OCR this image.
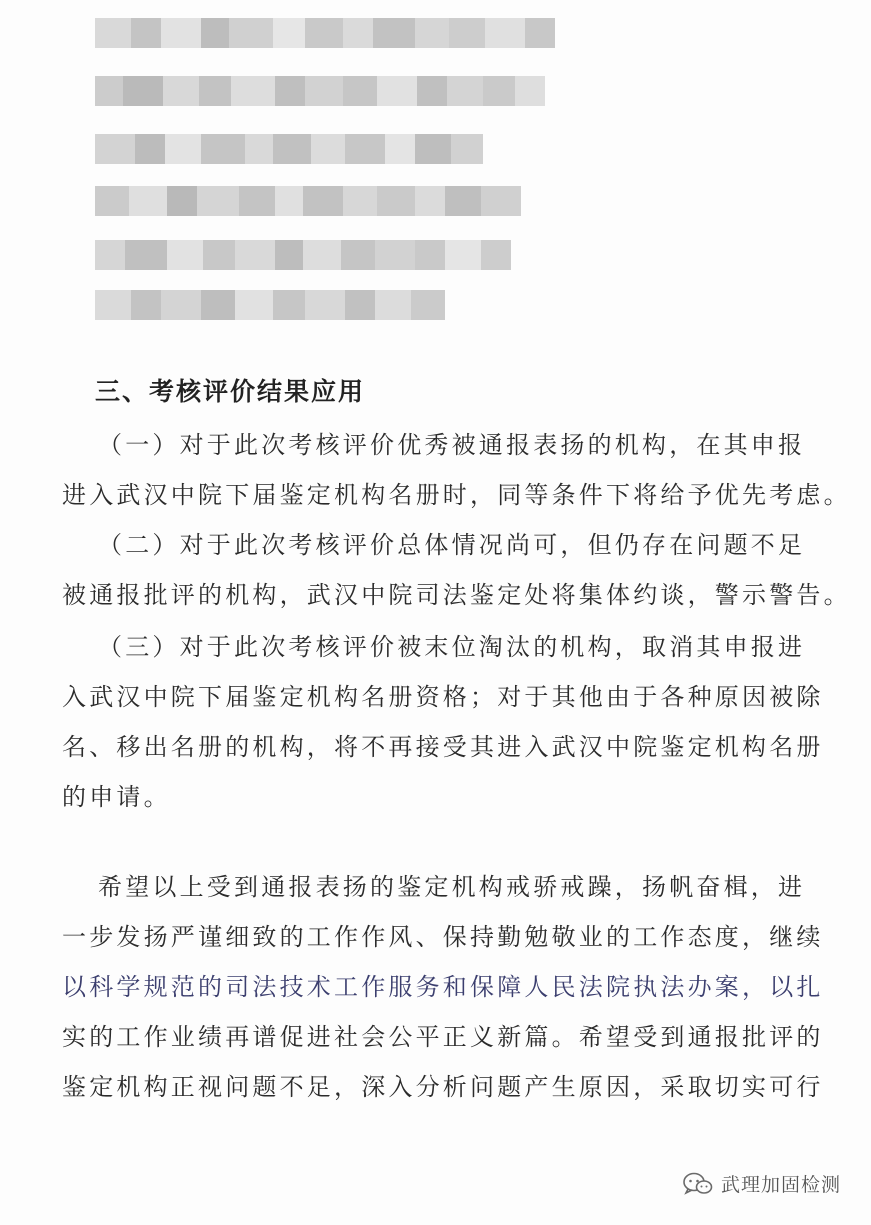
三、考核评价结果应用
（一）对于此次考核评价优秀被通报表扬的机构，在其申报
进入武汉中院下届鉴定机构名册时，同等条件下将给予优先考虑。
（二）对于此次考核评价总体情况尚可，但仍存在问题不足
被通报批评的机构，武汉中院司法鉴定处将集体约谈，警示警告。
（三）对于此次考核评价被末位淘汰的机构，取消其申报进
入武汉中院下届鉴定机构名册资格；对于其他由于各种原因被除
名、移出名册的机构，将不再接受其进入武汉中院鉴定机构名册
的申请。
希望以上受到通报表扬的鉴定机构戒骄戒躁，扬帆奋楫，进
一步发扬严谨细致的工作作风、保持勤勉敬业的工作态度，继续
以科学规范的司法技术工作服务和保障人民法院执法办案，以扎
实的工作业绩再谱促进社会公平正义新篇。希望受到通报批评的
鉴定机构正视问题不足，深入分析问题产生原因，采取切实可行
武理加固检测
